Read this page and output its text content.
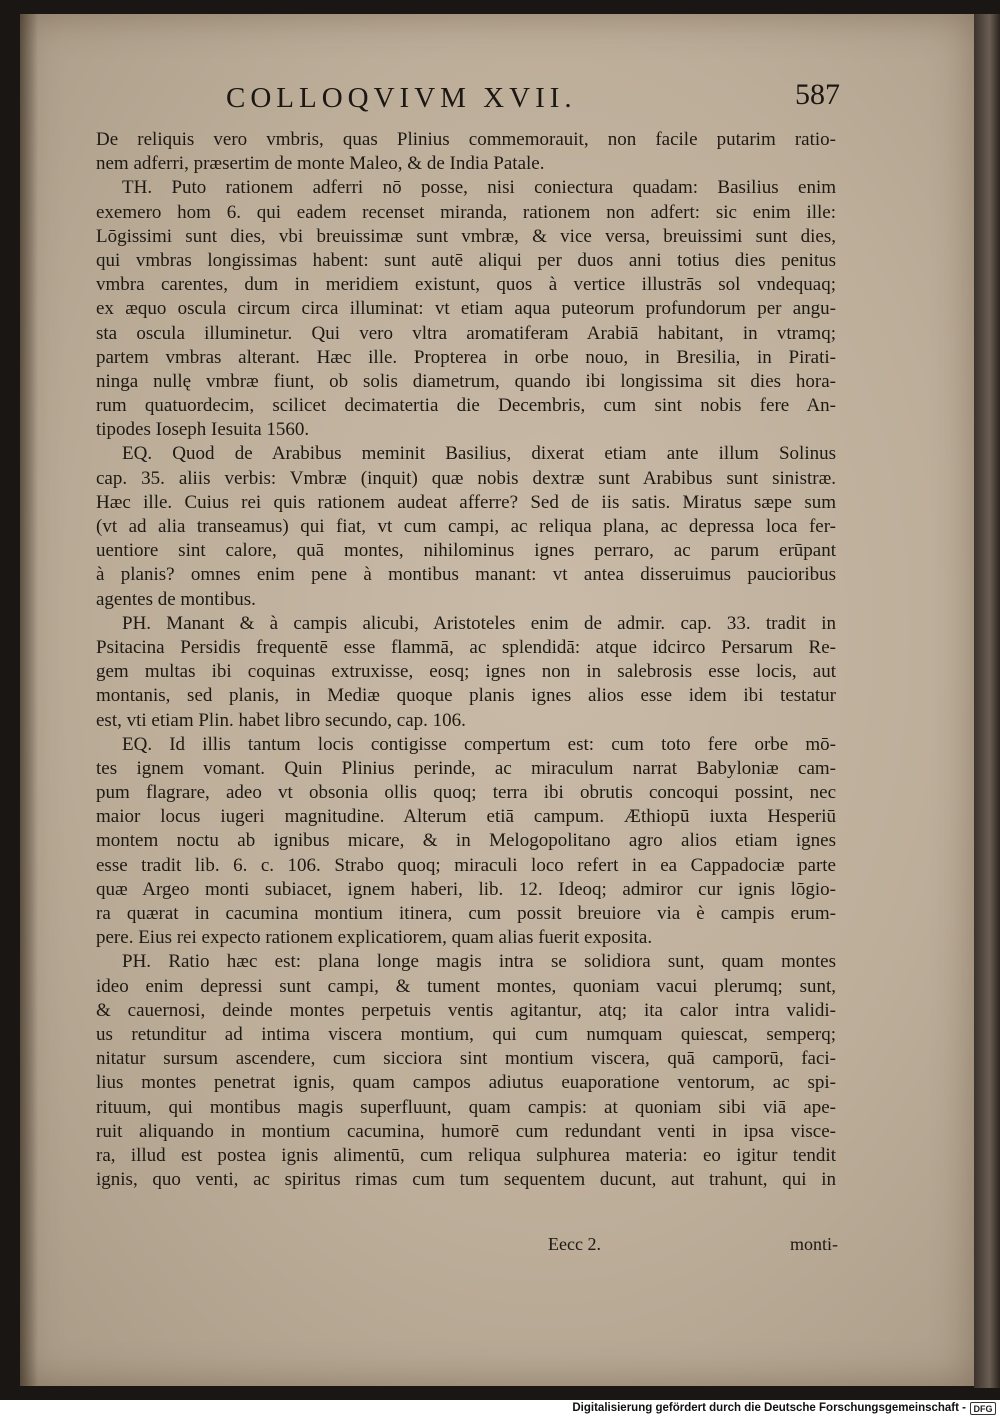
COLLOQVIVM XVII.	587
De reliquis vero vmbris, quas Plinius commemorauit, non facile putarim ratio-
nem adferri, præsertim de monte Maleo, & de India Patale.
TH. Puto rationem adferri nō posse, nisi coniectura quadam: Basilius enim
exemero hom 6. qui eadem recenset miranda, rationem non adfert: sic enim ille:
Lōgissimi sunt dies, vbi breuissimæ sunt vmbræ, & vice versa, breuissimi sunt dies,
qui vmbras longissimas habent: sunt autē aliqui per duos anni totius dies penitus
vmbra carentes, dum in meridiem existunt, quos à vertice illustrās sol vndequaq;
ex æquo oscula circum circa illuminat: vt etiam aqua puteorum profundorum per angu-
sta oscula illuminetur. Qui vero vltra aromatiferam Arabiā habitant, in vtramq;
partem vmbras alterant. Hæc ille. Propterea in orbe nouo, in Bresilia, in Pirati-
ninga nullę vmbræ fiunt, ob solis diametrum, quando ibi longissima sit dies hora-
rum quatuordecim, scilicet decimatertia die Decembris, cum sint nobis fere An-
tipodes Ioseph Iesuita 1560.
EQ. Quod de Arabibus meminit Basilius, dixerat etiam ante illum Solinus
cap. 35. aliis verbis: Vmbræ (inquit) quæ nobis dextræ sunt Arabibus sunt sinistræ.
Hæc ille. Cuius rei quis rationem audeat afferre? Sed de iis satis. Miratus sæpe sum
(vt ad alia transeamus) qui fiat, vt cum campi, ac reliqua plana, ac depressa loca fer-
uentiore sint calore, quā montes, nihilominus ignes perraro, ac parum erūpant
à planis? omnes enim pene à montibus manant: vt antea disseruimus paucioribus
agentes de montibus.
PH. Manant & à campis alicubi, Aristoteles enim de admir. cap. 33. tradit in
Psitacina Persidis frequentē esse flammā, ac splendidā: atque idcirco Persarum Re-
gem multas ibi coquinas extruxisse, eosq; ignes non in salebrosis esse locis, aut
montanis, sed planis, in Mediæ quoque planis ignes alios esse idem ibi testatur
est, vti etiam Plin. habet libro secundo, cap. 106.
EQ. Id illis tantum locis contigisse compertum est: cum toto fere orbe mō-
tes ignem vomant. Quin Plinius perinde, ac miraculum narrat Babyloniæ cam-
pum flagrare, adeo vt obsonia ollis quoq; terra ibi obrutis concoqui possint, nec
maior locus iugeri magnitudine. Alterum etiā campum. Æthiopū iuxta Hesperiū
montem noctu ab ignibus micare, & in Melogopolitano agro alios etiam ignes
esse tradit lib. 6. c. 106. Strabo quoq; miraculi loco refert in ea Cappadociæ parte
quæ Argeo monti subiacet, ignem haberi, lib. 12. Ideoq; admiror cur ignis lōgio-
ra quærat in cacumina montium itinera, cum possit breuiore via è campis erum-
pere. Eius rei expecto rationem explicatiorem, quam alias fuerit exposita.
PH. Ratio hæc est: plana longe magis intra se solidiora sunt, quam montes
ideo enim depressi sunt campi, & tument montes, quoniam vacui plerumq; sunt,
& cauernosi, deinde montes perpetuis ventis agitantur, atq; ita calor intra validi-
us retunditur ad intima viscera montium, qui cum numquam quiescat, semperq;
nitatur sursum ascendere, cum sicciora sint montium viscera, quā camporū, faci-
lius montes penetrat ignis, quam campos adiutus euaporatione ventorum, ac spi-
rituum, qui montibus magis superfluunt, quam campis: at quoniam sibi viā ape-
ruit aliquando in montium cacumina, humorē cum redundant venti in ipsa visce-
ra, illud est postea ignis alimentū, cum reliqua sulphurea materia: eo igitur tendit
ignis, quo venti, ac spiritus rimas cum tum sequentem ducunt, aut trahunt, qui in
Eecc 2.	monti-
Digitalisierung gefördert durch die Deutsche Forschungsgemeinschaft - DFG
